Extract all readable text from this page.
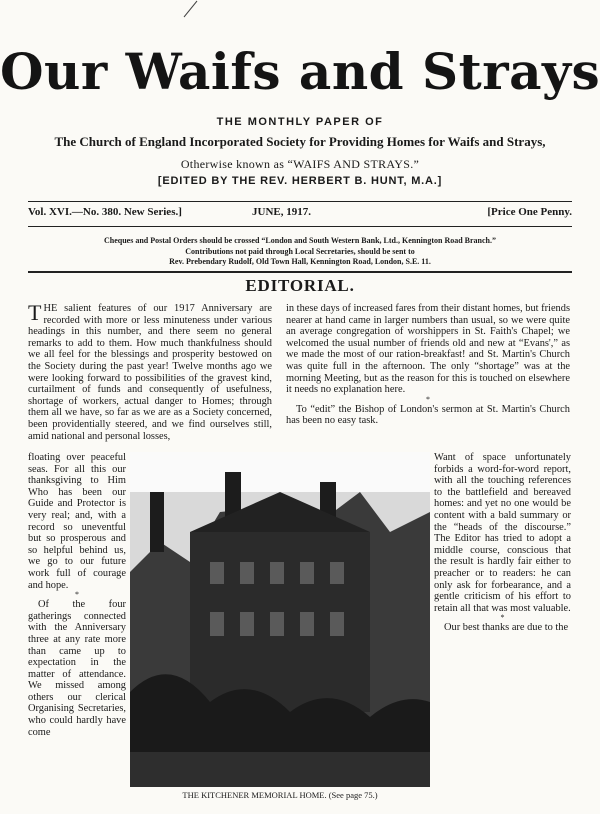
Our Waifs and Strays
THE MONTHLY PAPER OF
The Church of England Incorporated Society for Providing Homes for Waifs and Strays,
Otherwise known as “WAIFS AND STRAYS.”
[EDITED BY THE REV. HERBERT B. HUNT, M.A.]
Vol. XVI.—No. 380. New Series.]	JUNE, 1917.	[Price One Penny.
Cheques and Postal Orders should be crossed “London and South Western Bank, Ltd., Kennington Road Branch.”
Contributions not paid through Local Secretaries, should be sent to
Rev. Prebendary Rudolf, Old Town Hall, Kennington Road, London, S.E. 11.
EDITORIAL.

THE salient features of our 1917 Anniversary are recorded with more or less minuteness under various headings in this number, and there seem no general remarks to add to them. How much thankfulness should we all feel for the blessings and prosperity bestowed on the Society during the past year! Twelve months ago we were looking forward to possibilities of the gravest kind, curtailment of funds and consequently of usefulness, shortage of workers, actual danger to Homes; through them all we have, so far as we are as a Society concerned, been providentially steered, and we find ourselves still, amid national and personal losses,

floating over peaceful seas. For all this our thanksgiving to Him Who has been our Guide and Protector is very real; and, with a record so uneventful but so prosperous and so helpful behind us, we go to our future work full of courage and hope.

*

Of the four gatherings connected with the Anniversary three at any rate more than came up to expectation in the matter of attendance. We missed among others our clerical Organising Secretaries, who could hardly have come

in these days of increased fares from their distant homes, but friends nearer at hand came in larger numbers than usual, so we were quite an average congregation of worshippers in St. Faith's Chapel; we welcomed the usual number of friends old and new at “Evans',” as we made the most of our ration-breakfast! and St. Martin's Church was quite full in the afternoon. The only “shortage” was at the morning Meeting, but as the reason for this is touched on elsewhere it needs no explanation here.

*

To “edit” the Bishop of London's sermon at St. Martin's Church has been no easy task.

Want of space unfortunately forbids a word-for-word report, with all the touching references to the battlefield and bereaved homes: and yet no one would be content with a bald summary or the “heads of the discourse.” The Editor has tried to adopt a middle course, conscious that the result is hardly fair either to preacher or to readers: he can only ask for forbearance, and a gentle criticism of his effort to retain all that was most valuable.

*

Our best thanks are due to the

THE KITCHENER MEMORIAL HOME. (See page 75.)
